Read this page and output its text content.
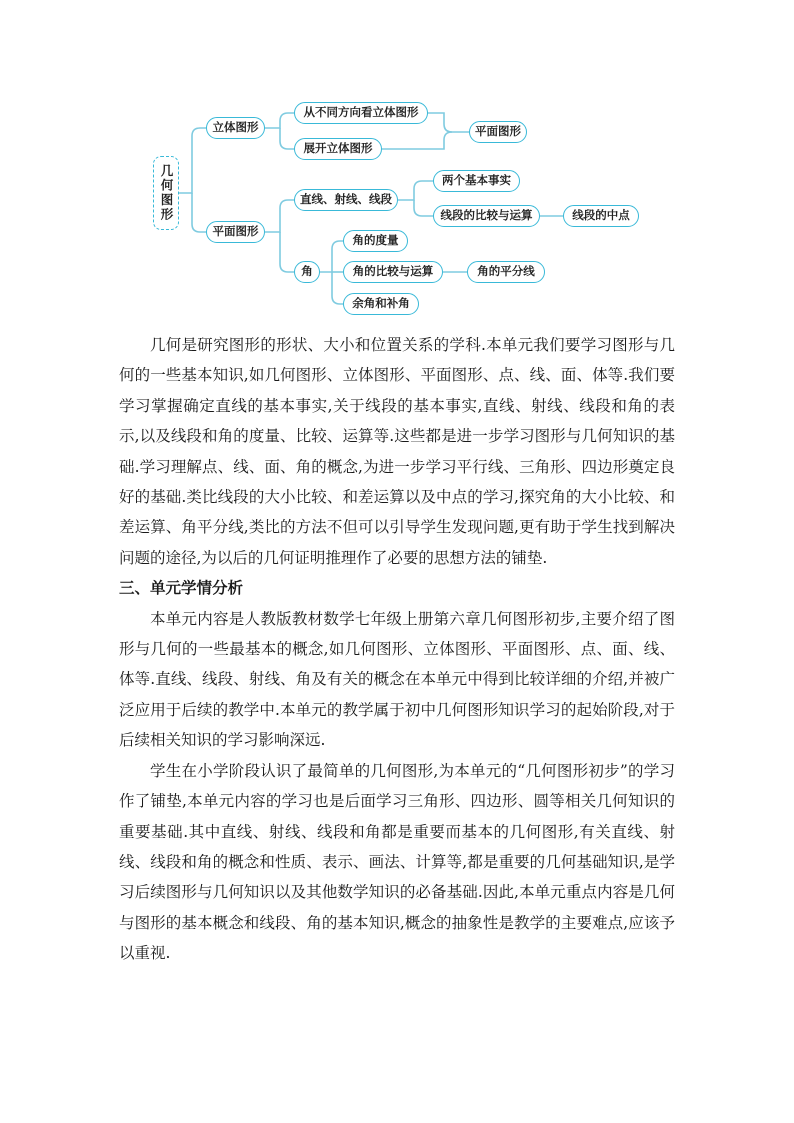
几何图形
立体图形
从不同方向看立体图形
展开立体图形
平面图形
平面图形
直线、射线、线段
两个基本事实
线段的比较与运算	线段的中点
角
角的度量
角的比较与运算	角的平分线
余角和补角

几何是研究图形的形状、大小和位置关系的学科.本单元我们要学习图形与几何的一些基本知识,如几何图形、立体图形、平面图形、点、线、面、体等.我们要学习掌握确定直线的基本事实,关于线段的基本事实,直线、射线、线段和角的表示,以及线段和角的度量、比较、运算等.这些都是进一步学习图形与几何知识的基础.学习理解点、线、面、角的概念,为进一步学习平行线、三角形、四边形奠定良好的基础.类比线段的大小比较、和差运算以及中点的学习,探究角的大小比较、和差运算、角平分线,类比的方法不但可以引导学生发现问题,更有助于学生找到解决问题的途径,为以后的几何证明推理作了必要的思想方法的铺垫.

三、单元学情分析

本单元内容是人教版教材数学七年级上册第六章几何图形初步,主要介绍了图形与几何的一些最基本的概念,如几何图形、立体图形、平面图形、点、面、线、体等.直线、线段、射线、角及有关的概念在本单元中得到比较详细的介绍,并被广泛应用于后续的教学中.本单元的教学属于初中几何图形知识学习的起始阶段,对于后续相关知识的学习影响深远.

学生在小学阶段认识了最简单的几何图形,为本单元的“几何图形初步”的学习作了铺垫,本单元内容的学习也是后面学习三角形、四边形、圆等相关几何知识的重要基础.其中直线、射线、线段和角都是重要而基本的几何图形,有关直线、射线、线段和角的概念和性质、表示、画法、计算等,都是重要的几何基础知识,是学习后续图形与几何知识以及其他数学知识的必备基础.因此,本单元重点内容是几何与图形的基本概念和线段、角的基本知识,概念的抽象性是教学的主要难点,应该予以重视.
